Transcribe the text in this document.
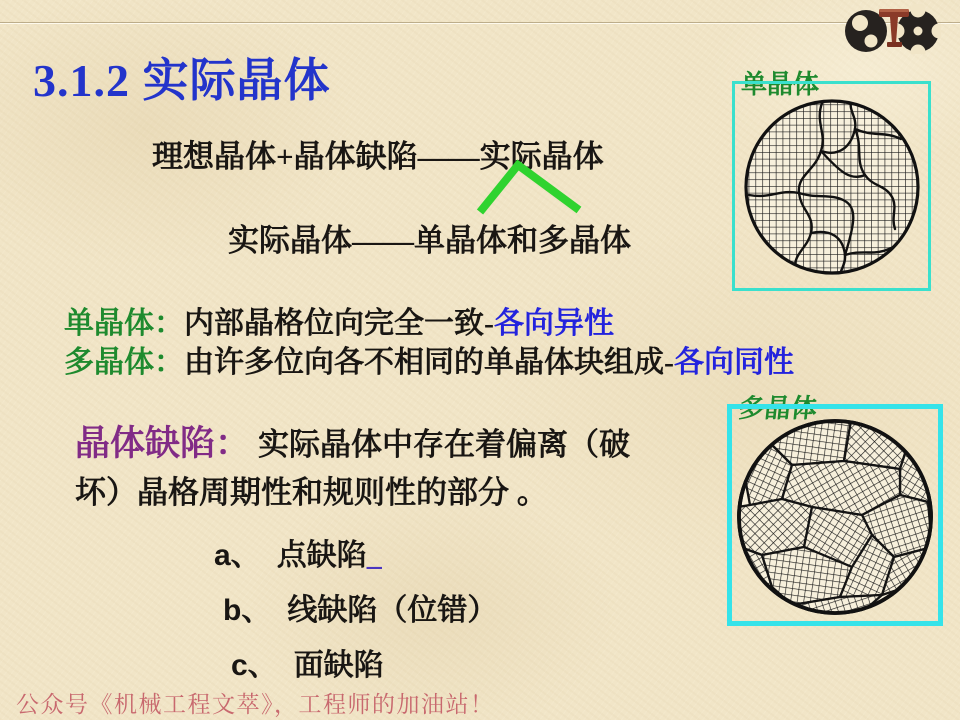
3.1.2 实际晶体

理想晶体+晶体缺陷——实际晶体

实际晶体——单晶体和多晶体

单晶体：内部晶格位向完全一致-各向异性

多晶体：由许多位向各不相同的单晶体块组成-各向同性

晶体缺陷： 实际晶体中存在着偏离（破
坏）晶格周期性和规则性的部分 。

a、 点缺陷_

b、 线缺陷（位错）

c、 面缺陷

单晶体

多晶体

公众号《机械工程文萃》，工程师的加油站！
